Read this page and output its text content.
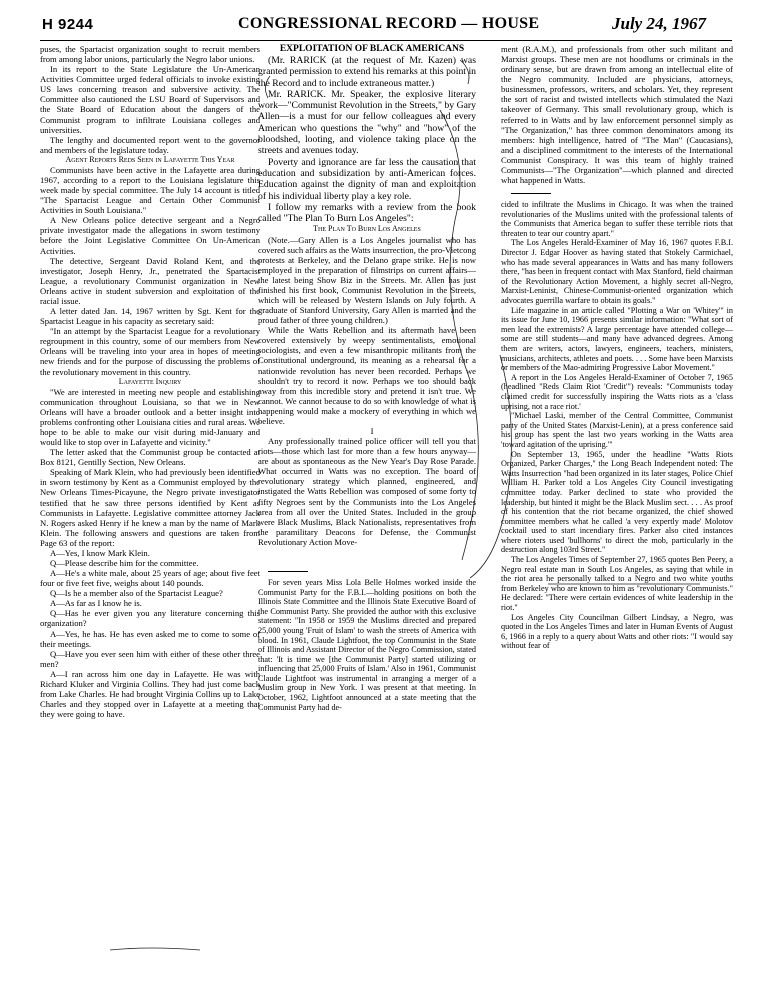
H 9244	CONGRESSIONAL RECORD — HOUSE	July 24, 1967

puses, the Spartacist organization sought to recruit members from among labor unions, particularly the Negro labor unions.

In its report to the State Legislature the Un-American Activities Committee urged federal officials to invoke existing US laws concerning treason and subversive activity. The Committee also cautioned the LSU Board of Supervisors and the State Board of Education about the dangers of the Communist program to infiltrate Louisiana colleges and universities.

The lengthy and documented report went to the governor and members of the legislature today.

Agent Reports Reds Seen in Lafayette This Year

Communists have been active in the Lafayette area during 1967, according to a report to the Louisiana legislature this week made by special committee. The July 14 account is titled "The Spartacist League and Certain Other Communist Activities in South Louisiana."

A New Orleans police detective sergeant and a Negro private investigator made the allegations in sworn testimony before the Joint Legislative Committee On Un-American Activities.

The detective, Sergeant David Roland Kent, and the investigator, Joseph Henry, Jr., penetrated the Spartacist League, a revolutionary Communist organization in New Orleans active in student subversion and exploitation of the racial issue.

A letter dated Jan. 14, 1967 written by Sgt. Kent for the Spartacist League in his capacity as secretary said:

"In an attempt by the Spartacist League for a revolutionary regroupment in this country, some of our members from New Orleans will be traveling into your area in hopes of meeting new friends and for the purpose of discussing the problems of the revolutionary movement in this country.

Lafayette Inquiry

"We are interested in meeting new people and establishing communication throughout Louisiana, so that we in New Orleans will have a broader outlook and a better insight into problems confronting other Louisiana cities and rural areas. We hope to be able to make our visit during mid-January and would like to stop over in Lafayette and vicinity."

The letter asked that the Communist group be contacted at Box 8121, Gentilly Section, New Orleans.

Speaking of Mark Klein, who had previously been identified in sworn testimony by Kent as a Communist employed by the New Orleans Times-Picayune, the Negro private investigator testified that he saw three persons identified by Kent as Communists in Lafayette. Legislative committee attorney Jack N. Rogers asked Henry if he knew a man by the name of Mark Klein. The following answers and questions are taken from Page 63 of the report:

A—Yes, I know Mark Klein.

Q—Please describe him for the committee.

A—He's a white male, about 25 years of age; about five feet four or five feet five, weighs about 140 pounds.

Q—Is he a member also of the Spartacist League?

A—As far as I know he is.

Q—Has he ever given you any literature concerning this organization?

A—Yes, he has. He has even asked me to come to some of their meetings.

Q—Have you ever seen him with either of these other three men?

A—I ran across him one day in Lafayette. He was with Richard Kluker and Virginia Collins. They had just come back from Lake Charles. He had brought Virginia Collins up to Lake Charles and they stopped over in Lafayette at a meeting that they were going to have.

EXPLOITATION OF BLACK AMERICANS

(Mr. RARICK (at the request of Mr. Kazen) was granted permission to extend his remarks at this point in the Record and to include extraneous matter.)

Mr. RARICK. Mr. Speaker, the explosive literary work—"Communist Revolution in the Streets," by Gary Allen—is a must for our fellow colleagues and every American who questions the "why" and "how" of the bloodshed, looting, and violence taking place on the streets and avenues today.

Poverty and ignorance are far less the causation that education and subsidization by anti-American forces. Education against the dignity of man and exploitation of his individual liberty play a key role.

I follow my remarks with a review from the book called "The Plan To Burn Los Angeles":

The Plan To Burn Los Angeles

(Note.—Gary Allen is a Los Angeles journalist who has covered such affairs as the Watts insurrection, the pro-Vietcong protests at Berkeley, and the Delano grape strike. He is now employed in the preparation of filmstrips on current affairs—the latest being Show Biz in the Streets. Mr. Allen has just finished his first book, Communist Revolution in the Streets, which will be released by Western Islands on July fourth. A graduate of Stanford University, Gary Allen is married and the proud father of three young children.)

While the Watts Rebellion and its aftermath have been covered extensively by weepy sentimentalists, emotional sociologists, and even a few misanthropic militants from the Constitutional underground, its meaning as a rehearsal for a nationwide revolution has never been recorded. Perhaps we shouldn't try to record it now. Perhaps we too should back away from this incredible story and pretend it isn't true. We cannot. We cannot because to do so with knowledge of what is happening would make a mockery of everything in which we believe.

I

Any professionally trained police officer will tell you that riots—those which last for more than a few hours anyway—are about as spontaneous as the New Year's Day Rose Parade. What occurred in Watts was no exception. The board of revolutionary strategy which planned, engineered, and instigated the Watts Rebellion was composed of some forty to fifty Negroes sent by the Communists into the Los Angeles area from all over the United States. Included in the group were Black Muslims, Black Nationalists, representatives from the paramilitary Deacons for Defense, the Communist Revolutionary Action Move-

For seven years Miss Lola Belle Holmes worked inside the Communist Party for the F.B.I.—holding positions on both the Illinois State Committee and the Illinois State Executive Board of the Communist Party. She provided the author with this exclusive statement: "In 1958 or 1959 the Muslims directed and prepared 25,000 young 'Fruit of Islam' to wash the streets of America with blood. In 1961, Claude Lightfoot, the top Communist in the State of Illinois and Assistant Director of the Negro Commission, stated that: 'It is time we [the Communist Party] started utilizing or influencing that 25,000 Fruits of Islam.' Also in 1961, Communist Claude Lightfoot was instrumental in arranging a merger of a Muslim group in New York. I was present at that meeting. In October, 1962, Lightfoot announced at a state meeting that the Communist Party had de-

ment (R.A.M.), and professionals from other such militant and Marxist groups. These men are not hoodlums or criminals in the ordinary sense, but are drawn from among an intellectual elite of the Negro community. Included are physicians, attorneys, businessmen, professors, writers, and scholars. Yet, they represent the sort of racist and twisted intellects which stimulated the Nazi takeover of Germany. This small revolutionary group, which is referred to in Watts and by law enforcement personnel simply as "The Organization," has three common denominators among its members: high intelligence, hatred of "The Man" (Caucasians), and a disciplined commitment to the interests of the International Communist Conspiracy. It was this team of highly trained Communists—"The Organization"—which planned and directed what happened in Watts.

cided to infiltrate the Muslims in Chicago. It was when the trained revolutionaries of the Muslims united with the professional talents of the Communists that America began to suffer these terrible riots that threaten to tear our country apart."

The Los Angeles Herald-Examiner of May 16, 1967 quotes F.B.I. Director J. Edgar Hoover as having stated that Stokely Carmichael, who has made several appearances in Watts and has many followers there, "has been in frequent contact with Max Stanford, field chairman of the Revolutionary Action Movement, a highly secret all-Negro, Marxist-Leninist, Chinese-Communist-oriented organization which advocates guerrilla warfare to obtain its goals."

Life magazine in an article called "Plotting a War on 'Whitey'" in its issue for June 10, 1966 presents similar information: "What sort of men lead the extremists? A large percentage have attended college—some are still students—and many have advanced degrees. Among them are writers, actors, lawyers, engineers, teachers, ministers, musicians, architects, athletes and poets. . . . Some have been Marxists or members of the Mao-admiring Progressive Labor Movement."

A report in the Los Angeles Herald-Examiner of October 7, 1965 (headlined "Reds Claim Riot 'Credit'") reveals: "Communists today claimed credit for successfully inspiring the Watts riots as a 'class uprising, not a race riot.'

"Michael Laski, member of the Central Committee, Communist party of the United States (Marxist-Lenin), at a press conference said his group has spent the last two years working in the Watts area 'toward agitation of the uprising.'"

On September 13, 1965, under the headline "Watts Riots Organized, Parker Charges," the Long Beach Independent noted: The Watts Insurrection "had been organized in its later stages, Police Chief William H. Parker told a Los Angeles City Council investigating committee today. Parker declined to state who provided the leadership, but hinted it might be the Black Muslim sect. . . . As proof of his contention that the riot became organized, the chief showed committee members what he called 'a very expertly made' Molotov cocktail used to start incendiary fires. Parker also cited instances where rioters used 'bullhorns' to direct the mob, particularly in the destruction along 103rd Street."

The Los Angeles Times of September 27, 1965 quotes Ben Peery, a Negro real estate man in South Los Angeles, as saying that while in the riot area he personally talked to a Negro and two white youths from Berkeley who are known to him as "revolutionary Communists." He declared: "There were certain evidences of white leadership in the riot."

Los Angeles City Councilman Gilbert Lindsay, a Negro, was quoted in the Los Angeles Times and later in Human Events of August 6, 1966 in a reply to a query about Watts and other riots: "I would say without fear of
